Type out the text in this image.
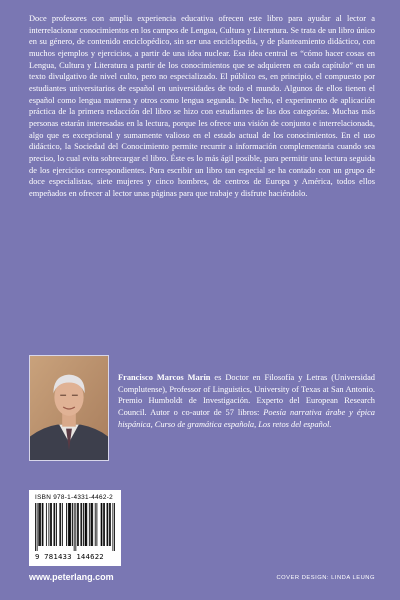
Doce profesores con amplia experiencia educativa ofrecen este libro para ayudar al lector a interrelacionar conocimientos en los campos de Lengua, Cultura y Literatura. Se trata de un libro único en su género, de contenido enciclopédico, sin ser una enciclopedia, y de planteamiento didáctico, con muchos ejemplos y ejercicios, a partir de una idea nuclear. Esa idea central es “cómo hacer cosas en Lengua, Cultura y Literatura a partir de los conocimientos que se adquieren en cada capítulo” en un texto divulgativo de nivel culto, pero no especializado. El público es, en principio, el compuesto por estudiantes universitarios de español en universidades de todo el mundo. Algunos de ellos tienen el español como lengua materna y otros como lengua segunda. De hecho, el experimento de aplicación práctica de la primera redacción del libro se hizo con estudiantes de las dos categorías. Muchas más personas estarán interesadas en la lectura, porque les ofrece una visión de conjunto e interrelacionada, algo que es excepcional y sumamente valioso en el estado actual de los conocimientos. En el uso didáctico, la Sociedad del Conocimiento permite recurrir a información complementaria cuando sea preciso, lo cual evita sobrecargar el libro. Éste es lo más ágil posible, para permitir una lectura seguida de los ejercicios correspondientes. Para escribir un libro tan especial se ha contado con un grupo de doce especialistas, siete mujeres y cinco hombres, de centros de Europa y América, todos ellos empeñados en ofrecer al lector unas páginas para que trabaje y disfrute haciéndolo.

Francisco Marcos Marín es Doctor en Filosofía y Letras (Universidad Complutense), Professor of Linguistics, University of Texas at San Antonio. Premio Humboldt de Investigación. Experto del European Research Council. Autor o co-autor de 57 libros: Poesía narrativa árabe y épica hispánica, Curso de gramática española, Los retos del español.

ISBN 978-1-4331-4462-2
9 781433 144622
www.peterlang.com	COVER DESIGN: LINDA LEUNG
